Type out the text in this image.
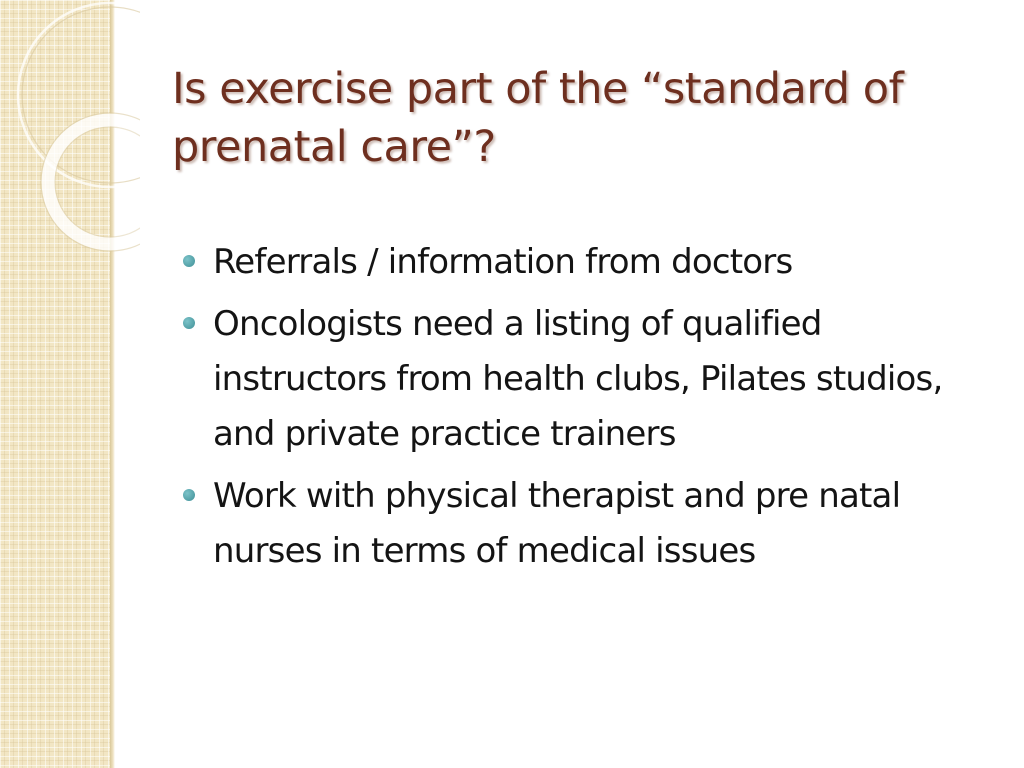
Is exercise part of the “standard of prenatal care”?
Referrals / information from doctors
Oncologists need a listing of qualified instructors from health clubs, Pilates studios, and private practice trainers
Work with physical therapist and pre natal nurses in terms of medical issues
